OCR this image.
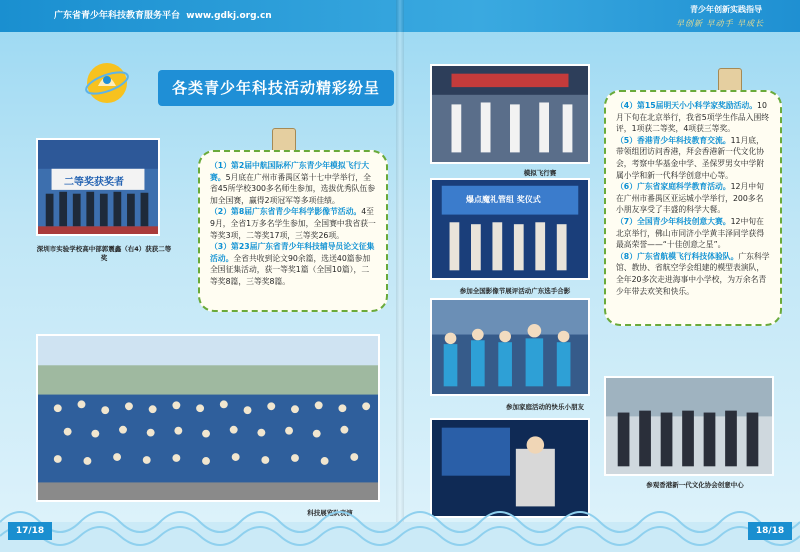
广东省青少年科技教育服务平台 www.gdkj.org.cn
青少年创新实践指导
早创新 早动手 早成长
各类青少年科技活动精彩纷呈
二等奖获奖者
深圳市实验学校高中部郭震鑫（右4）获获二等奖
（1）第2届中航国际杯广东青少年模拟飞行大赛。5月底在广州市番禺区第十七中学举行，全省45所学校300多名师生参加，选拔优秀队伍参加全国赛，赢得2项冠军等多项佳绩。
（2）第8届广东省青少年科学影像节活动。4至9月，全省1万多名学生参加，全国赛中我省获一等奖3项，二等奖17项，三等奖26项。
（3）第23届广东省青少年科技辅导员论文征集活动。全省共收到论文90余篇，选送40篇参加全国征集活动，获一等奖1篇（全国10篇），二等奖8篇，三等奖8篇。
科技展览队表演
模拟飞行赛
爆点魔礼管组 奖仪式
参加全国影像节展评活动广东选手合影
参加家庭活动的快乐小朋友
（4）第15届明天小小科学家奖励活动。10月下旬在北京举行，我省5项学生作品入围终评，1项获二等奖，4项获三等奖。
（5）香港青少年科技教育交流。11月底，带领组团访问香港，拜会香港新一代文化协会，考察中华基金中学、圣保罗男女中学附属小学和新一代科学创意中心等。
（6）广东省家庭科学教育活动。12月中旬在广州市番禺区亚运城小学举行，200多名小朋友享受了丰盛的科学大餐。
（7）全国青少年科技创意大赛。12中旬在北京举行，佛山市同济小学黄丰泽同学获得最高荣誉——“十佳创意之星”。
（8）广东省航模飞行科技体验队。广东科学馆、教协、省航空学会组建的模型表演队，全年20多次走进海事中小学校，为万余名青少年带去欢笑和快乐。
参观香港新一代文化协会创意中心
17/18	18/18
